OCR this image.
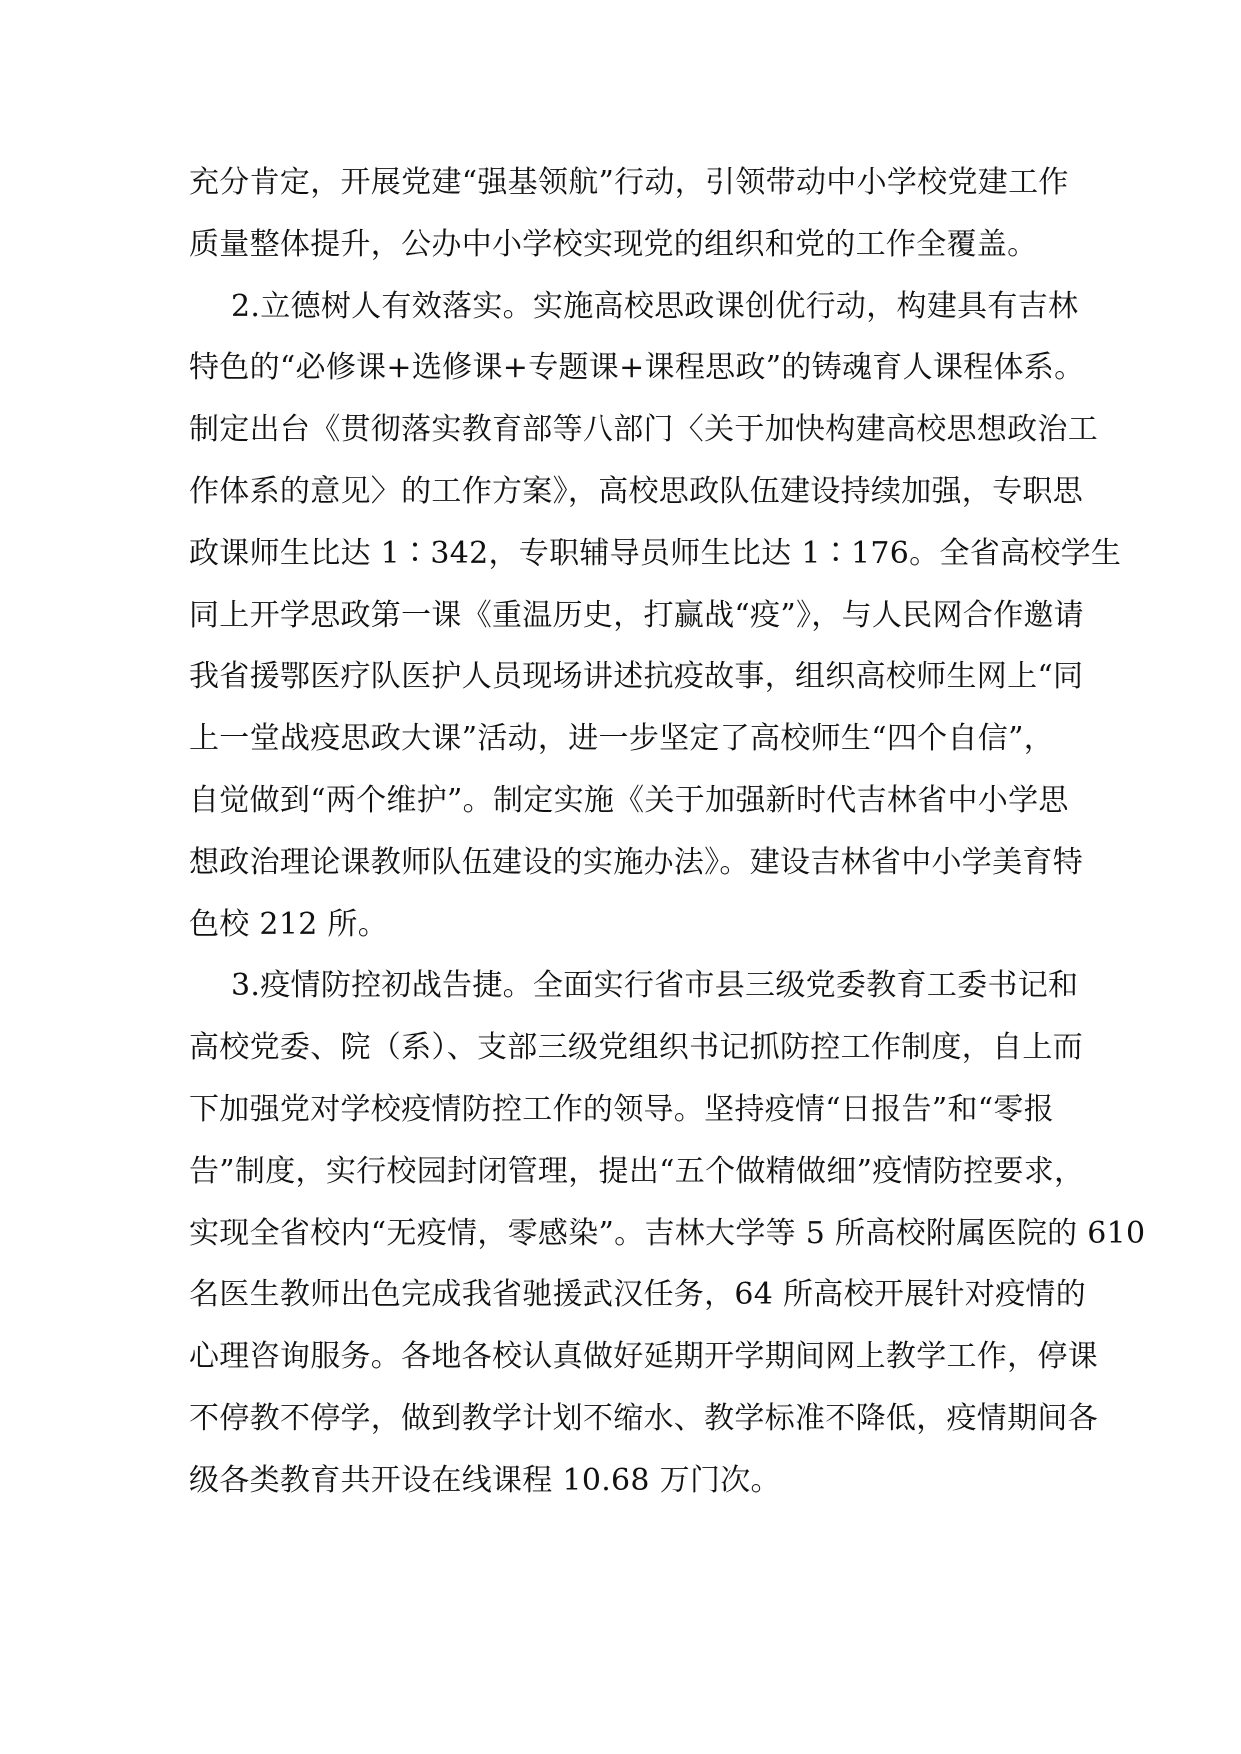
充分肯定，开展党建“强基领航”行动，引领带动中小学校党建工作
质量整体提升，公办中小学校实现党的组织和党的工作全覆盖。
2.立德树人有效落实。实施高校思政课创优行动，构建具有吉林
特色的“必修课+选修课+专题课+课程思政”的铸魂育人课程体系。
制定出台《贯彻落实教育部等八部门〈关于加快构建高校思想政治工
作体系的意见〉的工作方案》，高校思政队伍建设持续加强，专职思
政课师生比达 1∶342，专职辅导员师生比达 1∶176。全省高校学生
同上开学思政第一课《重温历史，打赢战“疫”》，与人民网合作邀请
我省援鄂医疗队医护人员现场讲述抗疫故事，组织高校师生网上“同
上一堂战疫思政大课”活动，进一步坚定了高校师生“四个自信”，
自觉做到“两个维护”。制定实施《关于加强新时代吉林省中小学思
想政治理论课教师队伍建设的实施办法》。建设吉林省中小学美育特
色校 212 所。
3.疫情防控初战告捷。全面实行省市县三级党委教育工委书记和
高校党委、院（系）、支部三级党组织书记抓防控工作制度，自上而
下加强党对学校疫情防控工作的领导。坚持疫情“日报告”和“零报
告”制度，实行校园封闭管理，提出“五个做精做细”疫情防控要求，
实现全省校内“无疫情，零感染”。吉林大学等 5 所高校附属医院的 610
名医生教师出色完成我省驰援武汉任务，64 所高校开展针对疫情的
心理咨询服务。各地各校认真做好延期开学期间网上教学工作，停课
不停教不停学，做到教学计划不缩水、教学标准不降低，疫情期间各
级各类教育共开设在线课程 10.68 万门次。
